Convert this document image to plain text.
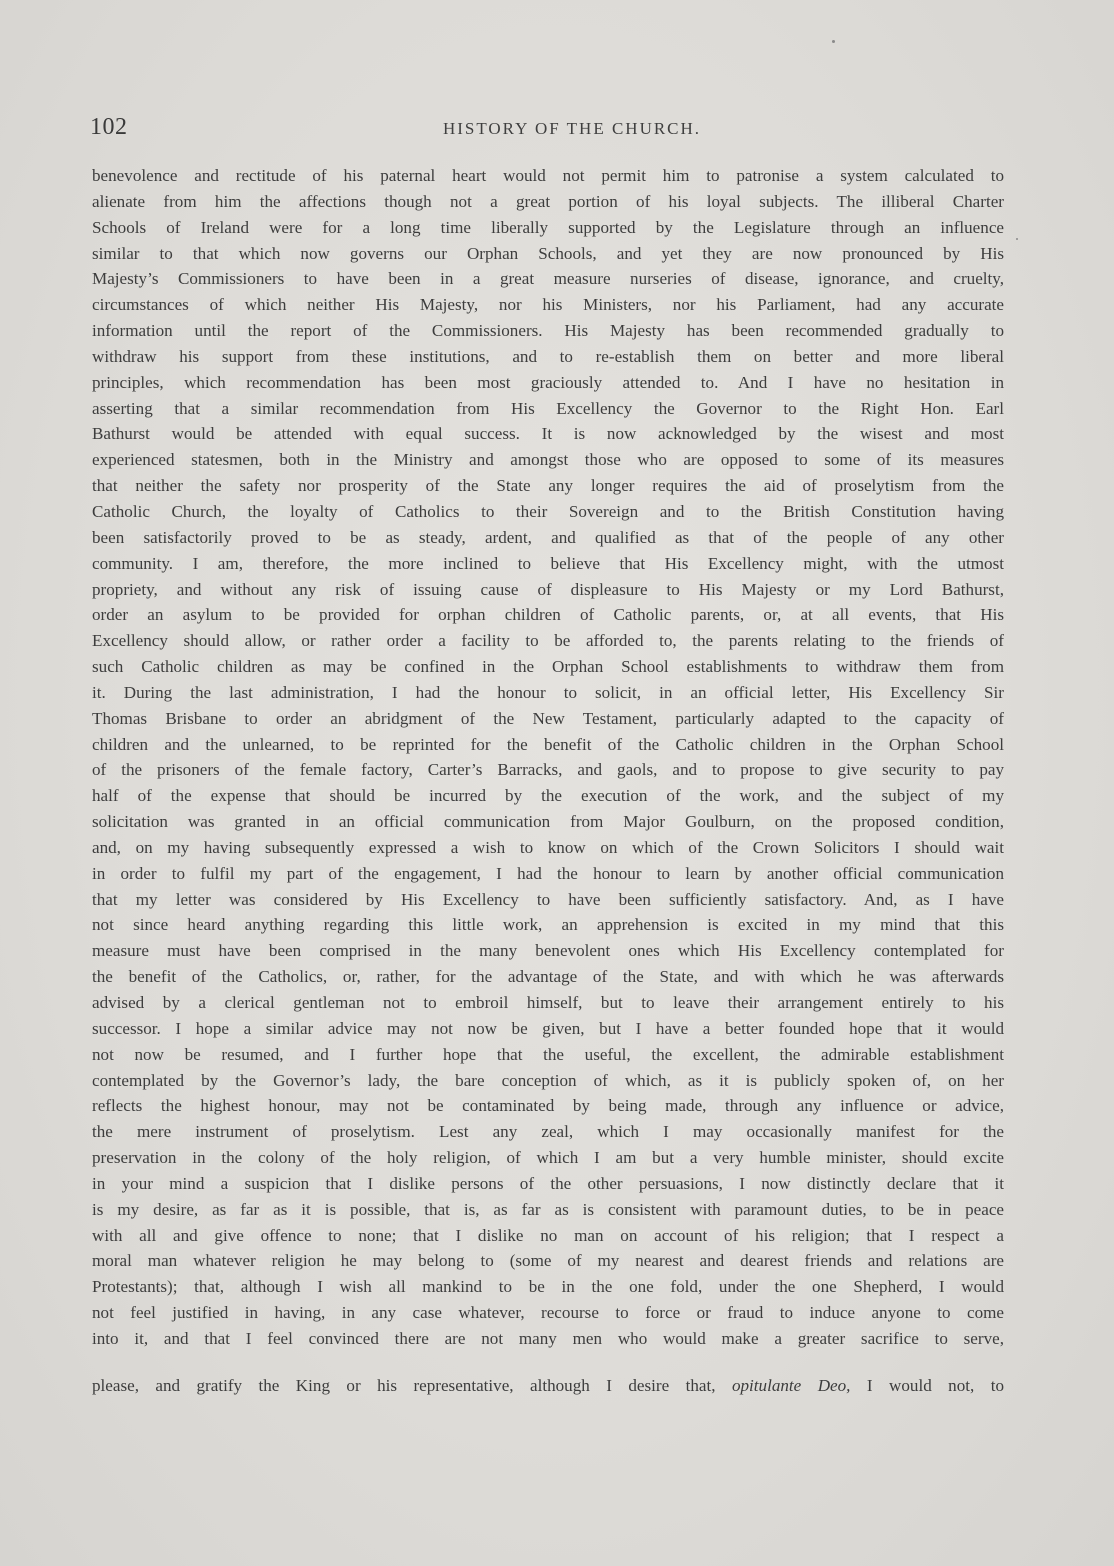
102	HISTORY OF THE CHURCH.
benevolence and rectitude of his paternal heart would not permit him to patronise a system calculated to
alienate from him the affections though not a great portion of his loyal subjects. The illiberal Charter
Schools of Ireland were for a long time liberally supported by the Legislature through an influence
similar to that which now governs our Orphan Schools, and yet they are now pronounced by His
Majesty’s Commissioners to have been in a great measure nurseries of disease, ignorance, and cruelty,
circumstances of which neither His Majesty, nor his Ministers, nor his Parliament, had any accurate
information until the report of the Commissioners. His Majesty has been recommended gradually to
withdraw his support from these institutions, and to re-establish them on better and more liberal
principles, which recommendation has been most graciously attended to. And I have no hesitation in
asserting that a similar recommendation from His Excellency the Governor to the Right Hon. Earl
Bathurst would be attended with equal success. It is now acknowledged by the wisest and most
experienced statesmen, both in the Ministry and amongst those who are opposed to some of its measures
that neither the safety nor prosperity of the State any longer requires the aid of proselytism from the
Catholic Church, the loyalty of Catholics to their Sovereign and to the British Constitution having
been satisfactorily proved to be as steady, ardent, and qualified as that of the people of any other
community. I am, therefore, the more inclined to believe that His Excellency might, with the utmost
propriety, and without any risk of issuing cause of displeasure to His Majesty or my Lord Bathurst,
order an asylum to be provided for orphan children of Catholic parents, or, at all events, that His
Excellency should allow, or rather order a facility to be afforded to, the parents relating to the friends of
such Catholic children as may be confined in the Orphan School establishments to withdraw them from
it. During the last administration, I had the honour to solicit, in an official letter, His Excellency Sir
Thomas Brisbane to order an abridgment of the New Testament, particularly adapted to the capacity of
children and the unlearned, to be reprinted for the benefit of the Catholic children in the Orphan School
of the prisoners of the female factory, Carter’s Barracks, and gaols, and to propose to give security to pay
half of the expense that should be incurred by the execution of the work, and the subject of my
solicitation was granted in an official communication from Major Goulburn, on the proposed condition,
and, on my having subsequently expressed a wish to know on which of the Crown Solicitors I should wait
in order to fulfil my part of the engagement, I had the honour to learn by another official communication
that my letter was considered by His Excellency to have been sufficiently satisfactory. And, as I have
not since heard anything regarding this little work, an apprehension is excited in my mind that this
measure must have been comprised in the many benevolent ones which His Excellency contemplated for
the benefit of the Catholics, or, rather, for the advantage of the State, and with which he was afterwards
advised by a clerical gentleman not to embroil himself, but to leave their arrangement entirely to his
successor. I hope a similar advice may not now be given, but I have a better founded hope that it would
not now be resumed, and I further hope that the useful, the excellent, the admirable establishment
contemplated by the Governor’s lady, the bare conception of which, as it is publicly spoken of, on her
reflects the highest honour, may not be contaminated by being made, through any influence or advice,
the mere instrument of proselytism. Lest any zeal, which I may occasionally manifest for the
preservation in the colony of the holy religion, of which I am but a very humble minister, should excite
in your mind a suspicion that I dislike persons of the other persuasions, I now distinctly declare that it
is my desire, as far as it is possible, that is, as far as is consistent with paramount duties, to be in peace
with all and give offence to none; that I dislike no man on account of his religion; that I respect a
moral man whatever religion he may belong to (some of my nearest and dearest friends and relations are
Protestants); that, although I wish all mankind to be in the one fold, under the one Shepherd, I would
not feel justified in having, in any case whatever, recourse to force or fraud to induce anyone to come
into it, and that I feel convinced there are not many men who would make a greater sacrifice to serve,
please, and gratify the King or his representative, although I desire that, opitulante Deo, I would not, to
